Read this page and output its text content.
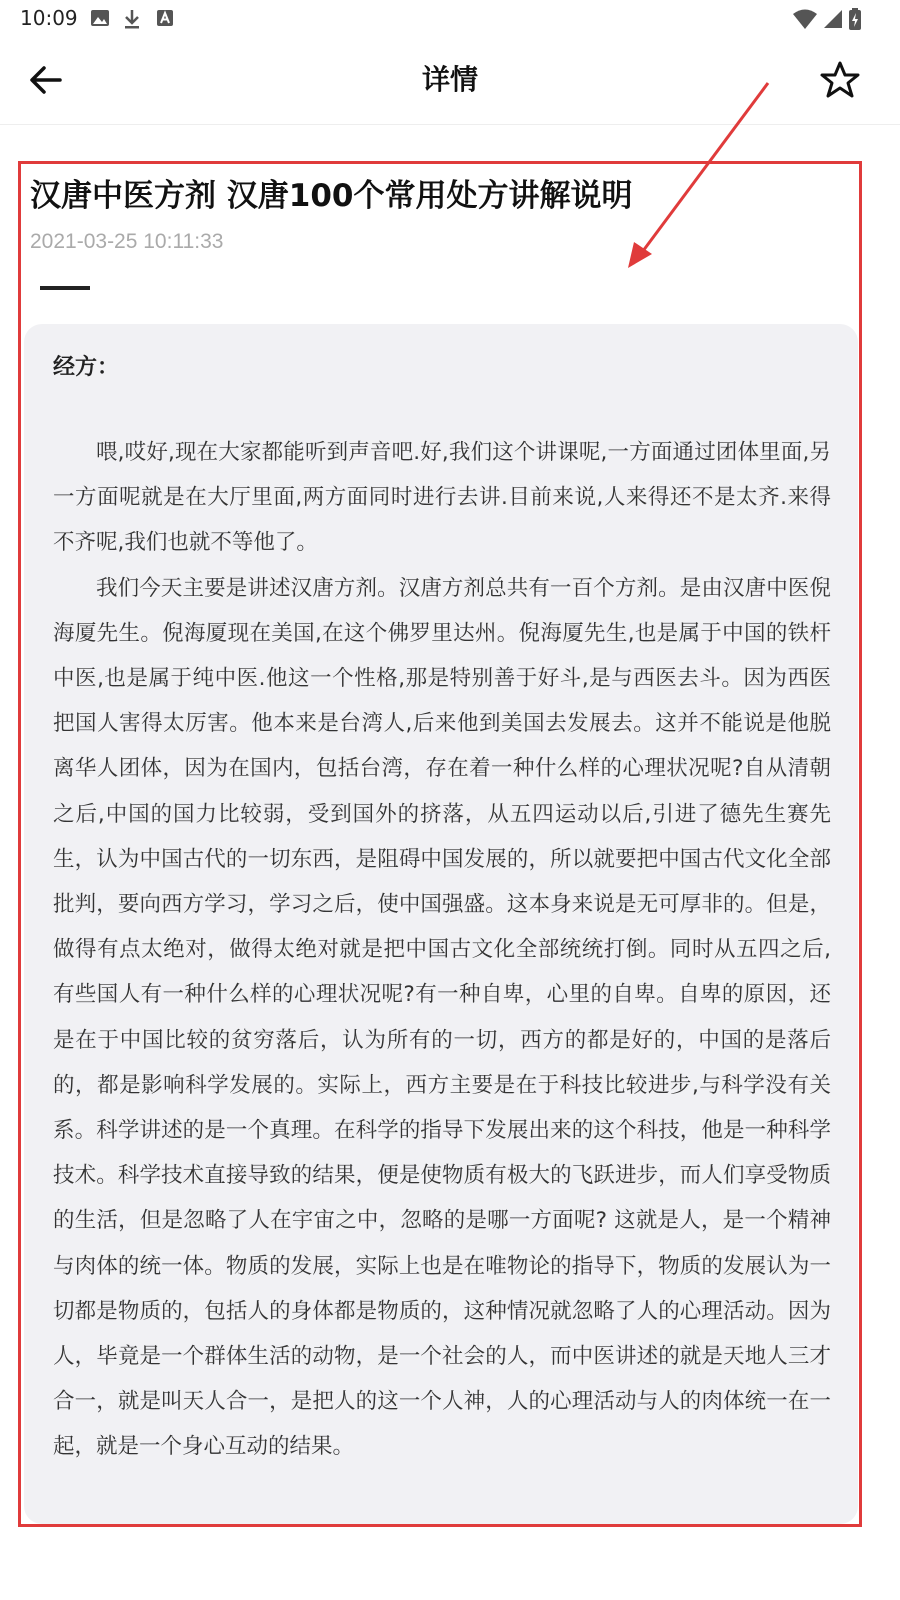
10:09
详情
汉唐中医方剂 汉唐100个常用处方讲解说明
2021-03-25 10:11:33
经方：

喂,哎好,现在大家都能听到声音吧.好,我们这个讲课呢,一方面通过团体里面,另一方面呢就是在大厅里面,两方面同时进行去讲.目前来说,人来得还不是太齐.来得不齐呢,我们也就不等他了。

我们今天主要是讲述汉唐方剂。汉唐方剂总共有一百个方剂。是由汉唐中医倪海厦先生。倪海厦现在美国,在这个佛罗里达州。倪海厦先生,也是属于中国的铁杆中医,也是属于纯中医.他这一个性格,那是特别善于好斗,是与西医去斗。因为西医把国人害得太厉害。他本来是台湾人,后来他到美国去发展去。这并不能说是他脱离华人团体，因为在国内，包括台湾，存在着一种什么样的心理状况呢?自从清朝之后,中国的国力比较弱，受到国外的挤落，从五四运动以后,引进了德先生赛先生，认为中国古代的一切东西，是阻碍中国发展的，所以就要把中国古代文化全部批判，要向西方学习，学习之后，使中国强盛。这本身来说是无可厚非的。但是，做得有点太绝对，做得太绝对就是把中国古文化全部统统打倒。同时从五四之后,有些国人有一种什么样的心理状况呢?有一种自卑，心里的自卑。自卑的原因，还是在于中国比较的贫穷落后，认为所有的一切，西方的都是好的，中国的是落后的，都是影响科学发展的。实际上，西方主要是在于科技比较进步,与科学没有关系。科学讲述的是一个真理。在科学的指导下发展出来的这个科技，他是一种科学技术。科学技术直接导致的结果，便是使物质有极大的飞跃进步，而人们享受物质的生活，但是忽略了人在宇宙之中，忽略的是哪一方面呢? 这就是人，是一个精神与肉体的统一体。物质的发展，实际上也是在唯物论的指导下，物质的发展认为一切都是物质的，包括人的身体都是物质的，这种情况就忽略了人的心理活动。因为人，毕竟是一个群体生活的动物，是一个社会的人，而中医讲述的就是天地人三才合一，就是叫天人合一，是把人的这一个人神，人的心理活动与人的肉体统一在一起，就是一个身心互动的结果。
